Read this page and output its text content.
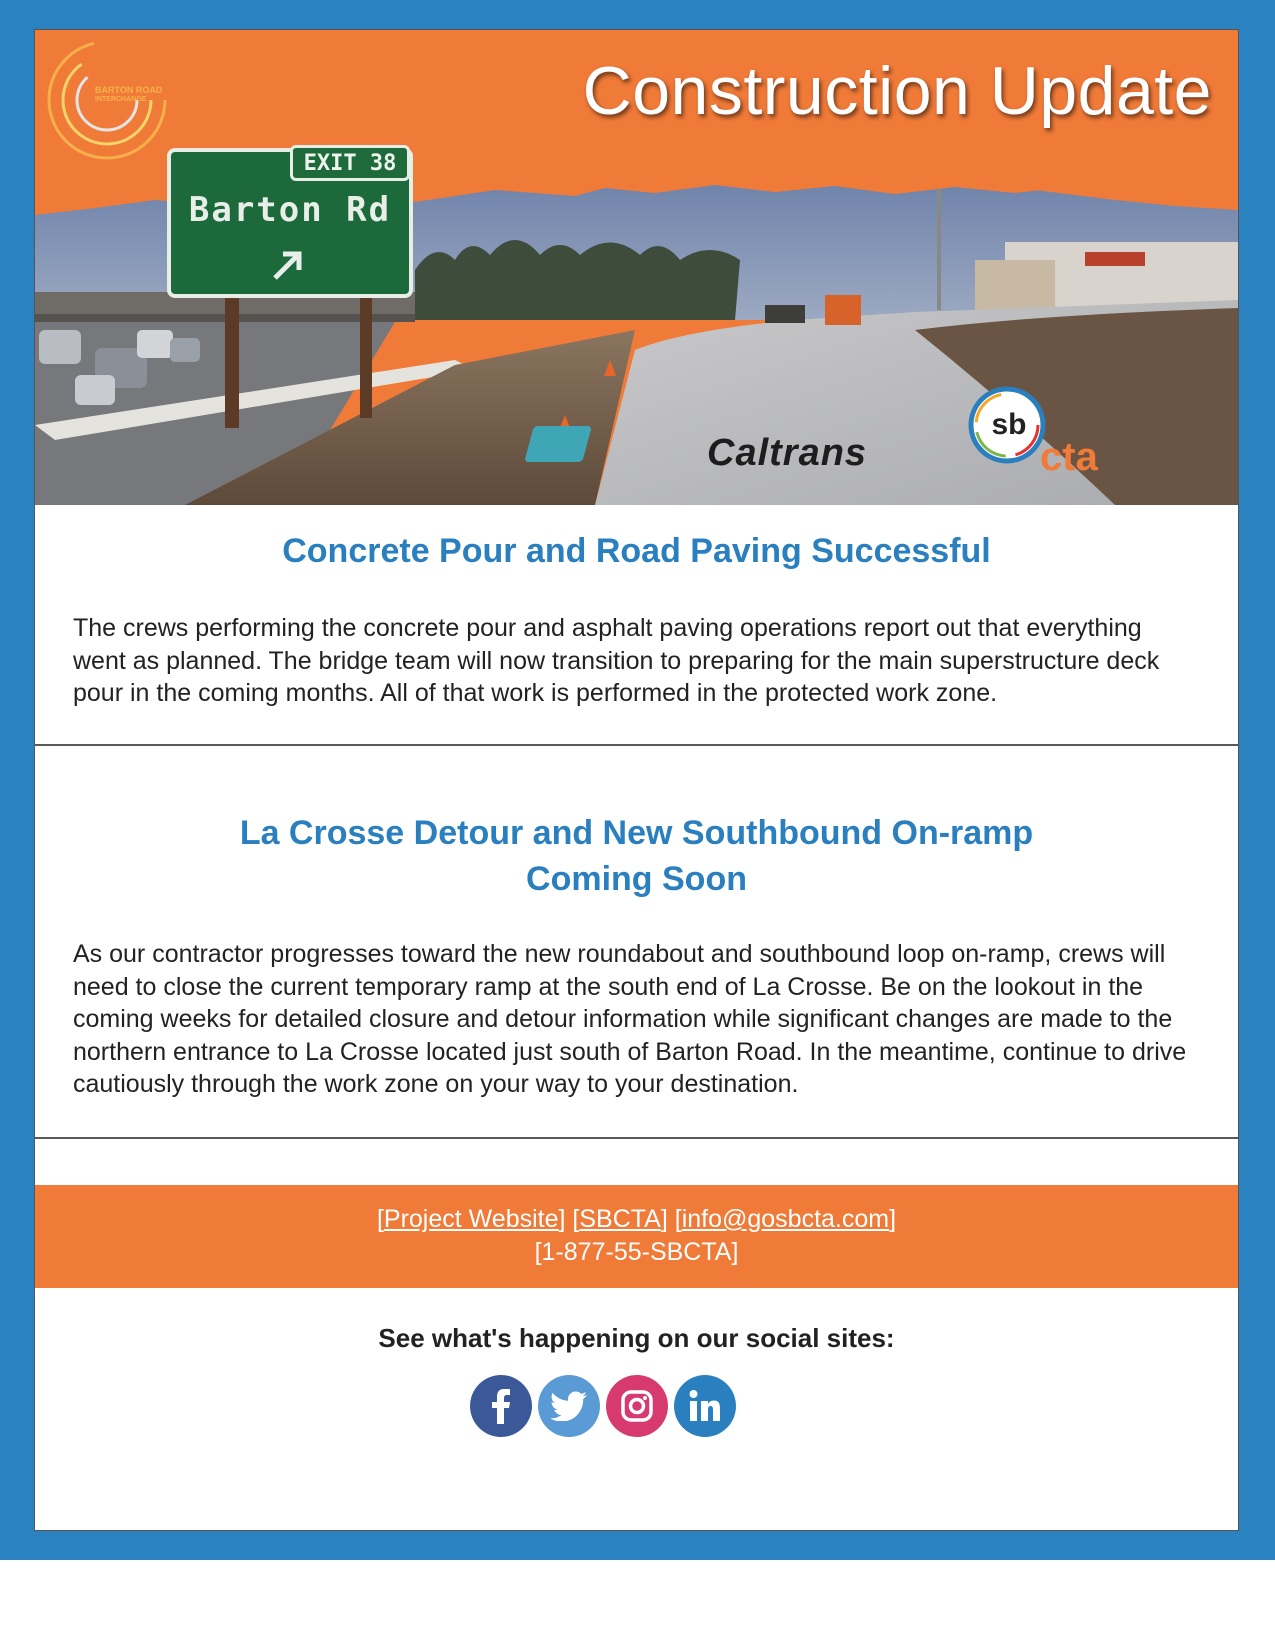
BARTON ROAD
INTERCHANGE	Construction Update
EXIT 38
Barton Rd
Caltrans
sb
cta
Concrete Pour and Road Paving Successful

The crews performing the concrete pour and asphalt paving operations report out that everything went as planned. The bridge team will now transition to preparing for the main superstructure deck pour in the coming months. All of that work is performed in the protected work zone.

La Crosse Detour and New Southbound On-ramp
Coming Soon

As our contractor progresses toward the new roundabout and southbound loop on-ramp, crews will need to close the current temporary ramp at the south end of La Crosse. Be on the lookout in the coming weeks for detailed closure and detour information while significant changes are made to the northern entrance to La Crosse located just south of Barton Road. In the meantime, continue to drive cautiously through the work zone on your way to your destination.

[Project Website] [SBCTA] [info@gosbcta.com]
[1-877-55-SBCTA]
See what's happening on our social sites:
